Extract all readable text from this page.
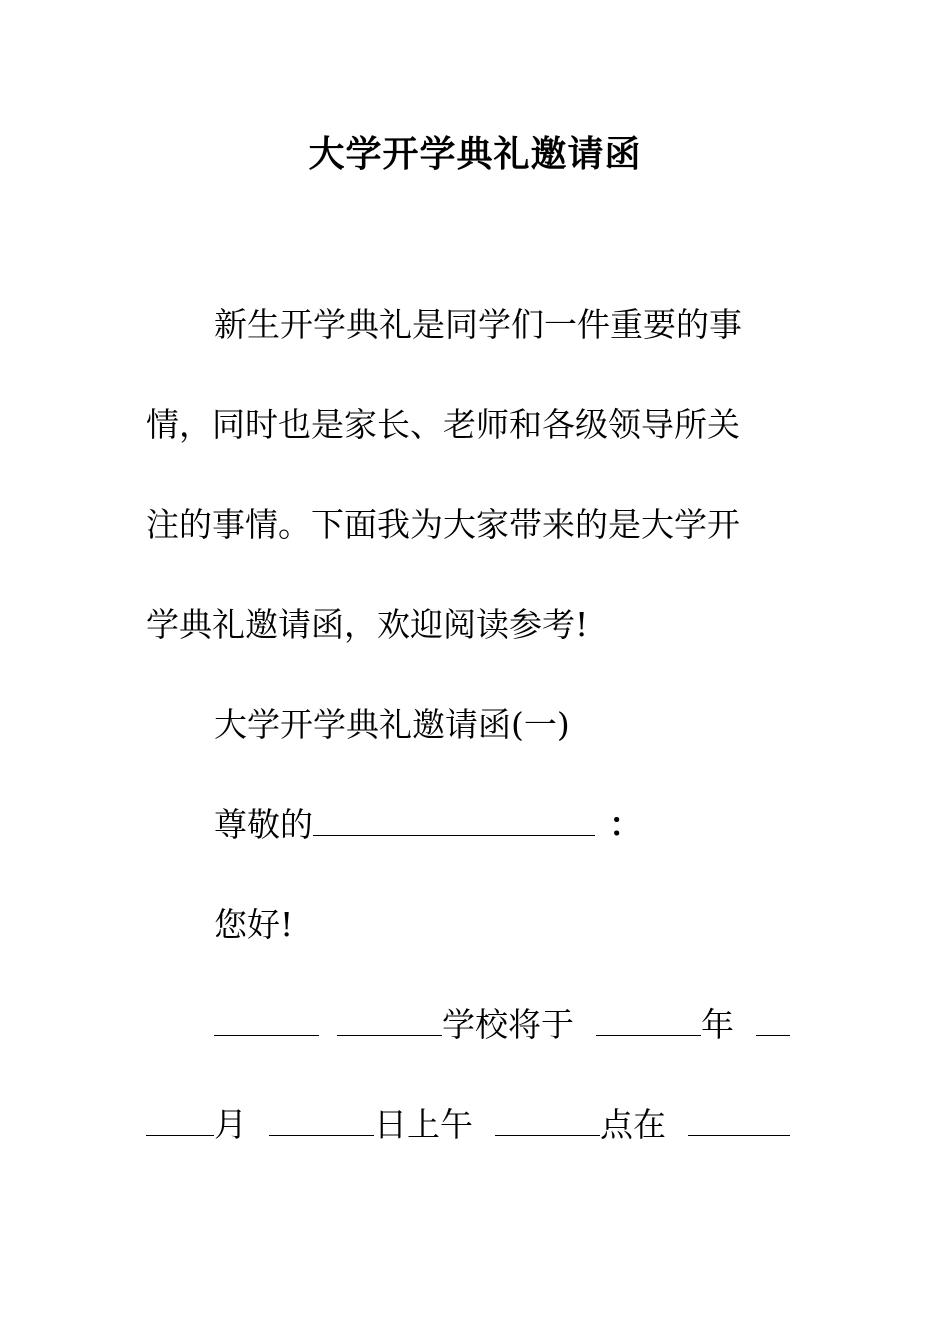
大学开学典礼邀请函
新生开学典礼是同学们一件重要的事
情，同时也是家长、老师和各级领导所关
注的事情。下面我为大家带来的是大学开
学典礼邀请函，欢迎阅读参考!
大学开学典礼邀请函(一)
尊敬的	：
您好!
学校将于	年
月	日上午	点在
